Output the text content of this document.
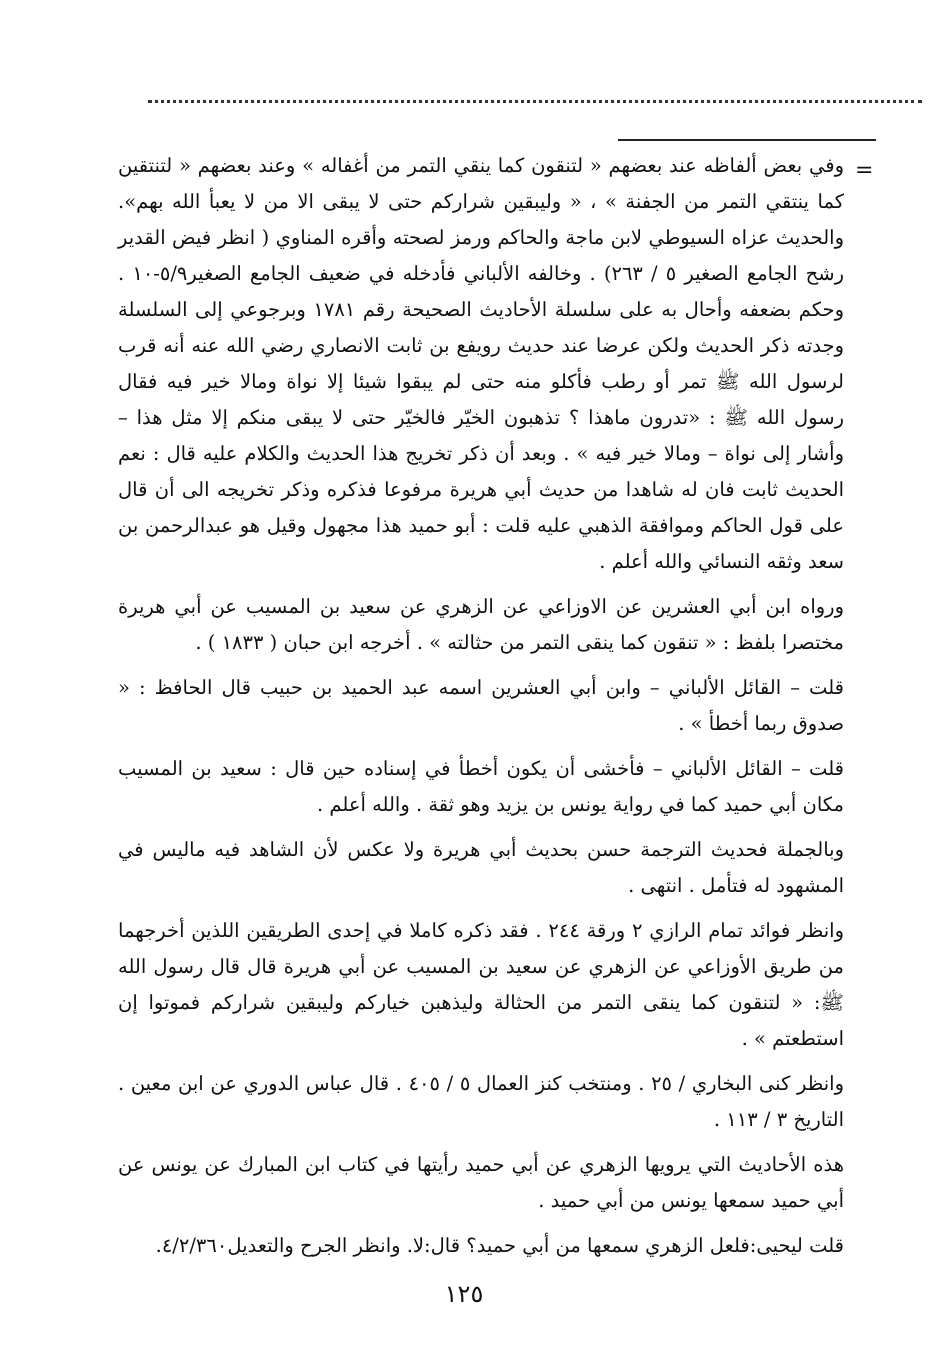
=

وفي بعض ألفاظه عند بعضهم « لتنقون كما ينقي التمر من أغفاله » وعند بعضهم « لتنتقين كما ينتقي التمر من الجفنة » ، « وليبقين شراركم حتى لا يبقى الا من لا يعبأ الله بهم». والحديث عزاه السيوطي لابن ماجة والحاكم ورمز لصحته وأقره المناوي ( انظر فيض القدير رشح الجامع الصغير ٥ / ٢٦٣) . وخالفه الألباني فأدخله في ضعيف الجامع الصغير٥/٩-١٠ . وحكم بضعفه وأحال به على سلسلة الأحاديث الصحيحة رقم ١٧٨١ وبرجوعي إلى السلسلة وجدته ذكر الحديث ولكن عرضا عند حديث رويفع بن ثابت الانصاري رضي الله عنه أنه قرب لرسول الله ﷺ تمر أو رطب فأكلو منه حتى لم يبقوا شيئا إلا نواة ومالا خير فيه فقال رسول الله ﷺ : «تدرون ماهذا ؟ تذهبون الخيّر فالخيّر حتى لا يبقى منكم إلا مثل هذا – وأشار إلى نواة – ومالا خير فيه » . وبعد أن ذكر تخريج هذا الحديث والكلام عليه قال : نعم الحديث ثابت فان له شاهدا من حديث أبي هريرة مرفوعا فذكره وذكر تخريجه الى أن قال على قول الحاكم وموافقة الذهبي عليه قلت : أبو حميد هذا مجهول وقيل هو عبدالرحمن بن سعد وثقه النسائي والله أعلم .

ورواه ابن أبي العشرين عن الاوزاعي عن الزهري عن سعيد بن المسيب عن أبي هريرة مختصرا بلفظ : « تنقون كما ينقى التمر من حثالته » . أخرجه ابن حبان ( ١٨٣٣ ) .

قلت – القائل الألباني – وابن أبي العشرين اسمه عبد الحميد بن حبيب قال الحافظ : « صدوق ربما أخطأ » .

قلت – القائل الألباني – فأخشى أن يكون أخطأ في إسناده حين قال : سعيد بن المسيب مكان أبي حميد كما في رواية يونس بن يزيد وهو ثقة . والله أعلم .

وبالجملة فحديث الترجمة حسن بحديث أبي هريرة ولا عكس لأن الشاهد فيه ماليس في المشهود له فتأمل . انتهى .

وانظر فوائد تمام الرازي ٢ ورقة ٢٤٤ . فقد ذكره كاملا في إحدى الطريقين اللذين أخرجهما من طريق الأوزاعي عن الزهري عن سعيد بن المسيب عن أبي هريرة قال قال رسول الله ﷺ: « لتنقون كما ينقى التمر من الحثالة وليذهبن خياركم وليبقين شراركم فموتوا إن استطعتم » .

وانظر كنى البخاري / ٢٥ . ومنتخب كنز العمال ٥ / ٤٠٥ . قال عباس الدوري عن ابن معين . التاريخ ٣ / ١١٣ .

هذه الأحاديث التي يرويها الزهري عن أبي حميد رأيتها في كتاب ابن المبارك عن يونس عن أبي حميد سمعها يونس من أبي حميد .

قلت ليحيى:فلعل الزهري سمعها من أبي حميد؟ قال:لا. وانظر الجرح والتعديل٤/٢/٣٦٠.

١٢٥
